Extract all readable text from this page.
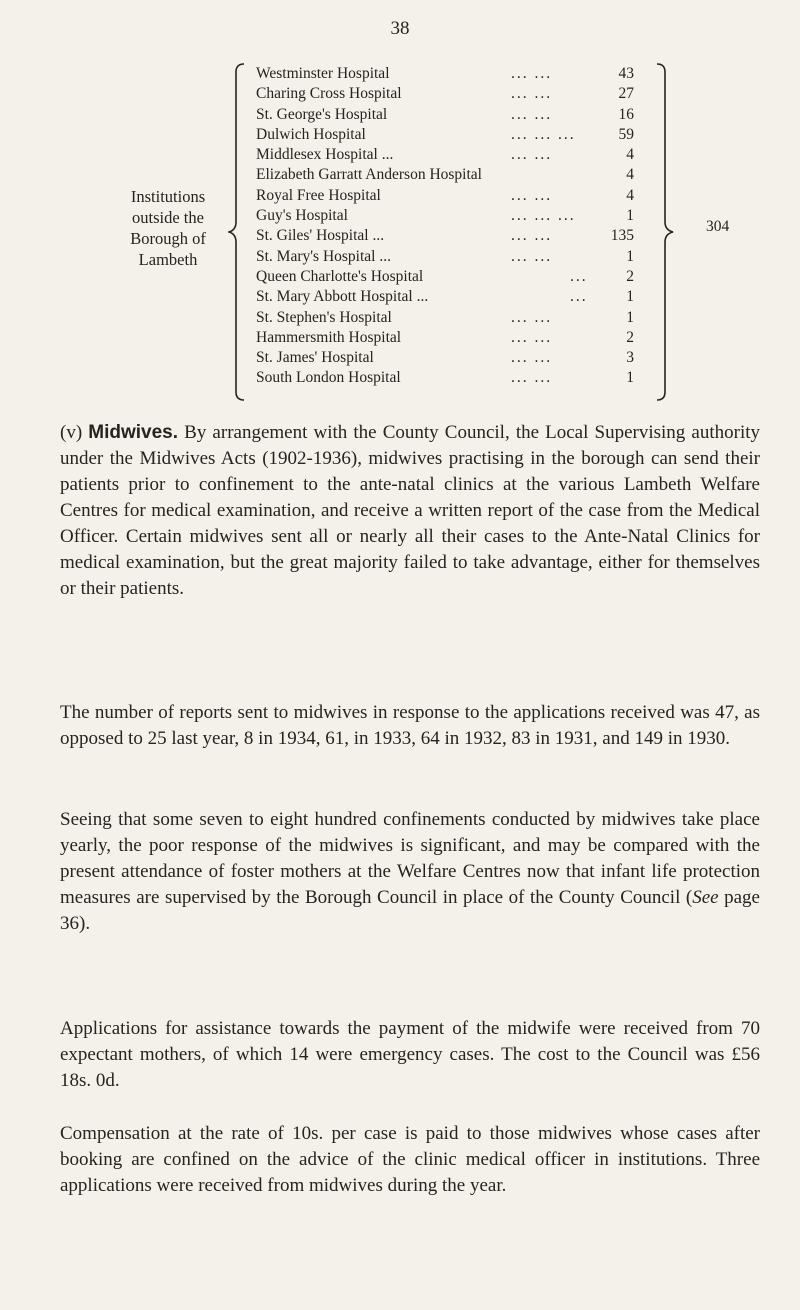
38
Institutions
outside the
Borough of
Lambeth
Westminster Hospital	... ...	43
Charing Cross Hospital	... ...	27
St. George's Hospital	... ...	16
Dulwich Hospital	... ... ...	59
Middlesex Hospital ...	... ...	4
Elizabeth Garratt Anderson Hospital	4
Royal Free Hospital	... ...	4
Guy's Hospital	... ... ...	1
St. Giles' Hospital ...	... ...	135
St. Mary's Hospital ...	... ...	1
Queen Charlotte's Hospital	... 2
St. Mary Abbott Hospital ...	... 1
St. Stephen's Hospital	... ...	1
Hammersmith Hospital	... ...	2
St. James' Hospital	... ...	3
South London Hospital	... ...	1
304

(v) Midwives. By arrangement with the County Council, the Local Supervising authority under the Midwives Acts (1902-1936), midwives practising in the borough can send their patients prior to confinement to the ante-natal clinics at the various Lambeth Welfare Centres for medical examination, and receive a written report of the case from the Medical Officer. Certain midwives sent all or nearly all their cases to the Ante-Natal Clinics for medical examination, but the great majority failed to take advantage, either for themselves or their patients.

The number of reports sent to midwives in response to the applications received was 47, as opposed to 25 last year, 8 in 1934, 61, in 1933, 64 in 1932, 83 in 1931, and 149 in 1930.

Seeing that some seven to eight hundred confinements conducted by midwives take place yearly, the poor response of the midwives is significant, and may be compared with the present attendance of foster mothers at the Welfare Centres now that infant life protection measures are supervised by the Borough Council in place of the County Council (See page 36).

Applications for assistance towards the payment of the midwife were received from 70 expectant mothers, of which 14 were emergency cases. The cost to the Council was £56 18s. 0d.

Compensation at the rate of 10s. per case is paid to those midwives whose cases after booking are confined on the advice of the clinic medical officer in institutions. Three applications were received from midwives during the year.
